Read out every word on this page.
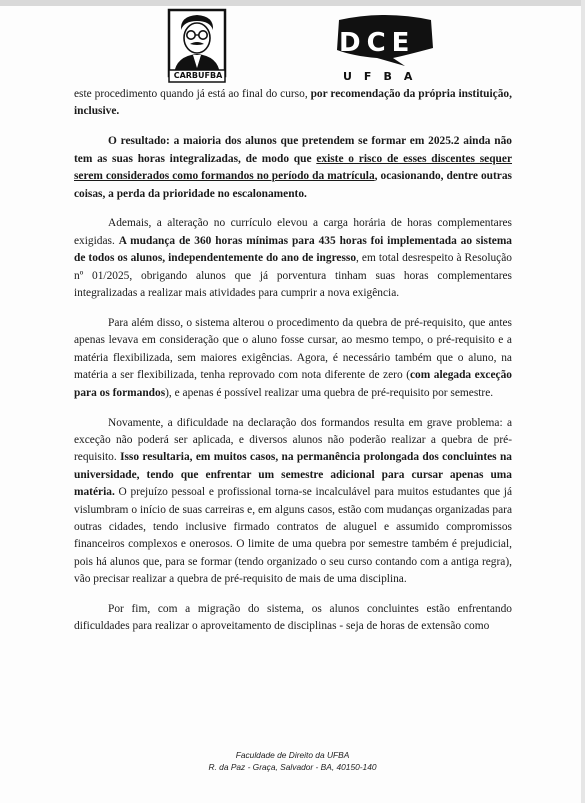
CARBUFBA
DCE
UFBA

este procedimento quando já está ao final do curso, por recomendação da própria instituição, inclusive.

O resultado: a maioria dos alunos que pretendem se formar em 2025.2 ainda não tem as suas horas integralizadas, de modo que existe o risco de esses discentes sequer serem considerados como formandos no período da matrícula, ocasionando, dentre outras coisas, a perda da prioridade no escalonamento.

Ademais, a alteração no currículo elevou a carga horária de horas complementares exigidas. A mudança de 360 horas mínimas para 435 horas foi implementada ao sistema de todos os alunos, independentemente do ano de ingresso, em total desrespeito à Resolução nº 01/2025, obrigando alunos que já porventura tinham suas horas complementares integralizadas a realizar mais atividades para cumprir a nova exigência.

Para além disso, o sistema alterou o procedimento da quebra de pré-requisito, que antes apenas levava em consideração que o aluno fosse cursar, ao mesmo tempo, o pré-requisito e a matéria flexibilizada, sem maiores exigências. Agora, é necessário também que o aluno, na matéria a ser flexibilizada, tenha reprovado com nota diferente de zero (com alegada exceção para os formandos), e apenas é possível realizar uma quebra de pré-requisito por semestre.

Novamente, a dificuldade na declaração dos formandos resulta em grave problema: a exceção não poderá ser aplicada, e diversos alunos não poderão realizar a quebra de pré-requisito. Isso resultaria, em muitos casos, na permanência prolongada dos concluintes na universidade, tendo que enfrentar um semestre adicional para cursar apenas uma matéria. O prejuízo pessoal e profissional torna-se incalculável para muitos estudantes que já vislumbram o início de suas carreiras e, em alguns casos, estão com mudanças organizadas para outras cidades, tendo inclusive firmado contratos de aluguel e assumido compromissos financeiros complexos e onerosos. O limite de uma quebra por semestre também é prejudicial, pois há alunos que, para se formar (tendo organizado o seu curso contando com a antiga regra), vão precisar realizar a quebra de pré-requisito de mais de uma disciplina.

Por fim, com a migração do sistema, os alunos concluintes estão enfrentando dificuldades para realizar o aproveitamento de disciplinas - seja de horas de extensão como

Faculdade de Direito da UFBA
R. da Paz - Graça, Salvador - BA, 40150-140
